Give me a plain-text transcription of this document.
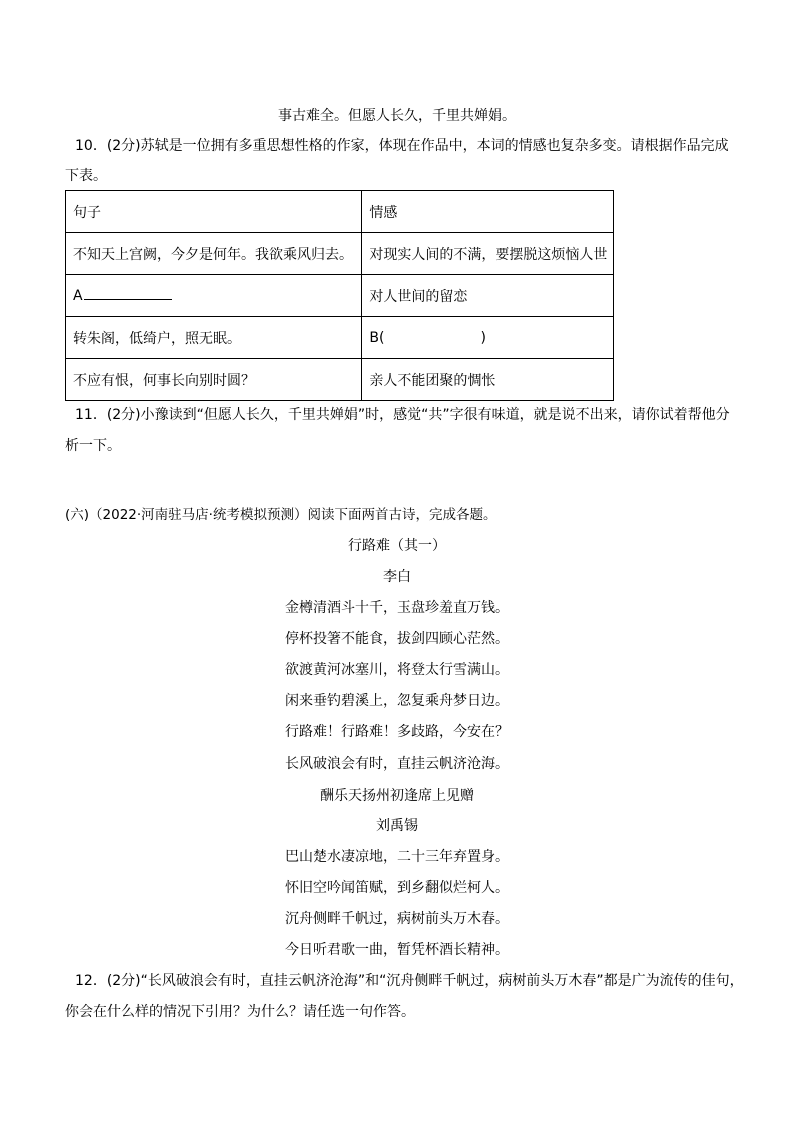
事古难全。但愿人长久，千里共婵娟。
10．(2分)苏轼是一位拥有多重思想性格的作家，体现在作品中，本词的情感也复杂多变。请根据作品完成
下表。
句子	情感
不知天上宫阙，今夕是何年。我欲乘风归去。	对现实人间的不满，要摆脱这烦恼人世
A	对人世间的留恋
转朱阁，低绮户，照无眠。	B( )
不应有恨，何事长向别时圆？	亲人不能团聚的惆怅
11．(2分)小豫读到“但愿人长久，千里共婵娟”时，感觉“共”字很有味道，就是说不出来，请你试着帮他分
析一下。
(六)（2022·河南驻马店·统考模拟预测）阅读下面两首古诗，完成各题。
行路难（其一）
李白
金樽清酒斗十千，玉盘珍羞直万钱。
停杯投箸不能食，拔剑四顾心茫然。
欲渡黄河冰塞川，将登太行雪满山。
闲来垂钓碧溪上，忽复乘舟梦日边。
行路难！行路难！多歧路，今安在？
长风破浪会有时，直挂云帆济沧海。
酬乐天扬州初逢席上见赠
刘禹锡
巴山楚水凄凉地，二十三年弃置身。
怀旧空吟闻笛赋，到乡翻似烂柯人。
沉舟侧畔千帆过，病树前头万木春。
今日听君歌一曲，暂凭杯酒长精神。
12．(2分)“长风破浪会有时，直挂云帆济沧海”和“沉舟侧畔千帆过，病树前头万木春”都是广为流传的佳句，
你会在什么样的情况下引用？为什么？请任选一句作答。
